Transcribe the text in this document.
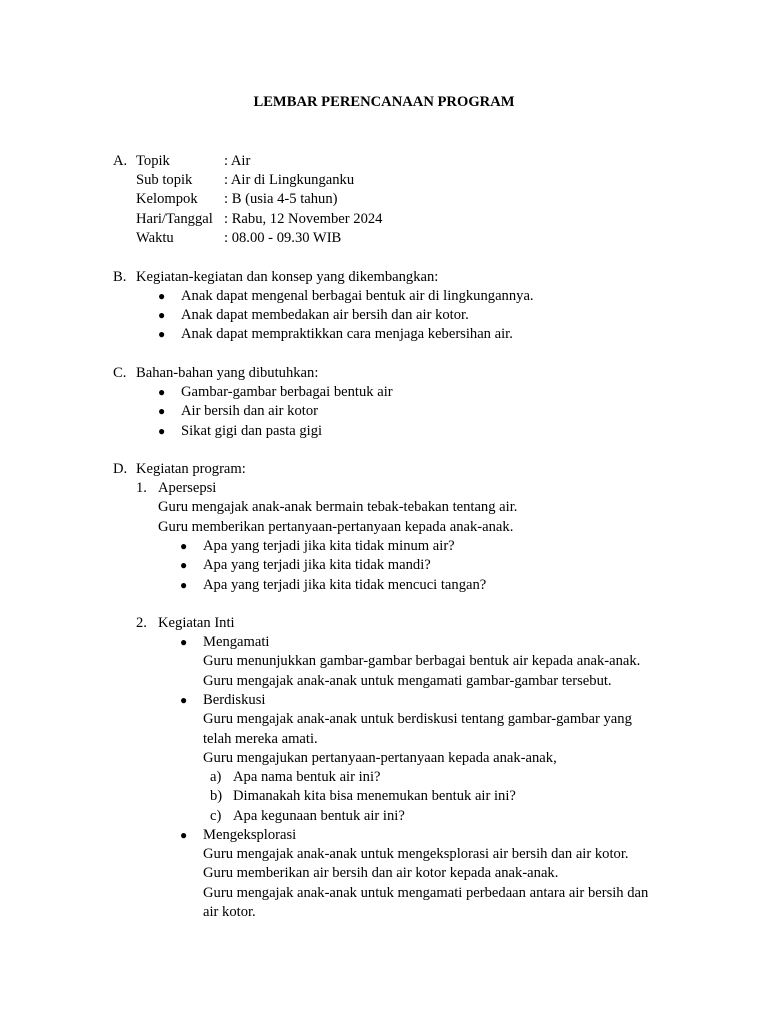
LEMBAR PERENCANAAN PROGRAM
A. Topik	: Air
Sub topik : Air di Lingkunganku
Kelompok : B (usia 4-5 tahun)
Hari/Tanggal : Rabu, 12 November 2024
Waktu	: 08.00 - 09.30 WIB
B. Kegiatan-kegiatan dan konsep yang dikembangkan:
● Anak dapat mengenal berbagai bentuk air di lingkungannya.
● Anak dapat membedakan air bersih dan air kotor.
● Anak dapat mempraktikkan cara menjaga kebersihan air.
C. Bahan-bahan yang dibutuhkan:
● Gambar-gambar berbagai bentuk air
● Air bersih dan air kotor
● Sikat gigi dan pasta gigi
D. Kegiatan program:
1. Apersepsi
Guru mengajak anak-anak bermain tebak-tebakan tentang air.
Guru memberikan pertanyaan-pertanyaan kepada anak-anak.
● Apa yang terjadi jika kita tidak minum air?
● Apa yang terjadi jika kita tidak mandi?
● Apa yang terjadi jika kita tidak mencuci tangan?
2. Kegiatan Inti
● Mengamati
Guru menunjukkan gambar-gambar berbagai bentuk air kepada anak-anak.
Guru mengajak anak-anak untuk mengamati gambar-gambar tersebut.
● Berdiskusi
Guru mengajak anak-anak untuk berdiskusi tentang gambar-gambar yang
telah mereka amati.
Guru mengajukan pertanyaan-pertanyaan kepada anak-anak,
a) Apa nama bentuk air ini?
b) Dimanakah kita bisa menemukan bentuk air ini?
c) Apa kegunaan bentuk air ini?
● Mengeksplorasi
Guru mengajak anak-anak untuk mengeksplorasi air bersih dan air kotor.
Guru memberikan air bersih dan air kotor kepada anak-anak.
Guru mengajak anak-anak untuk mengamati perbedaan antara air bersih dan
air kotor.
